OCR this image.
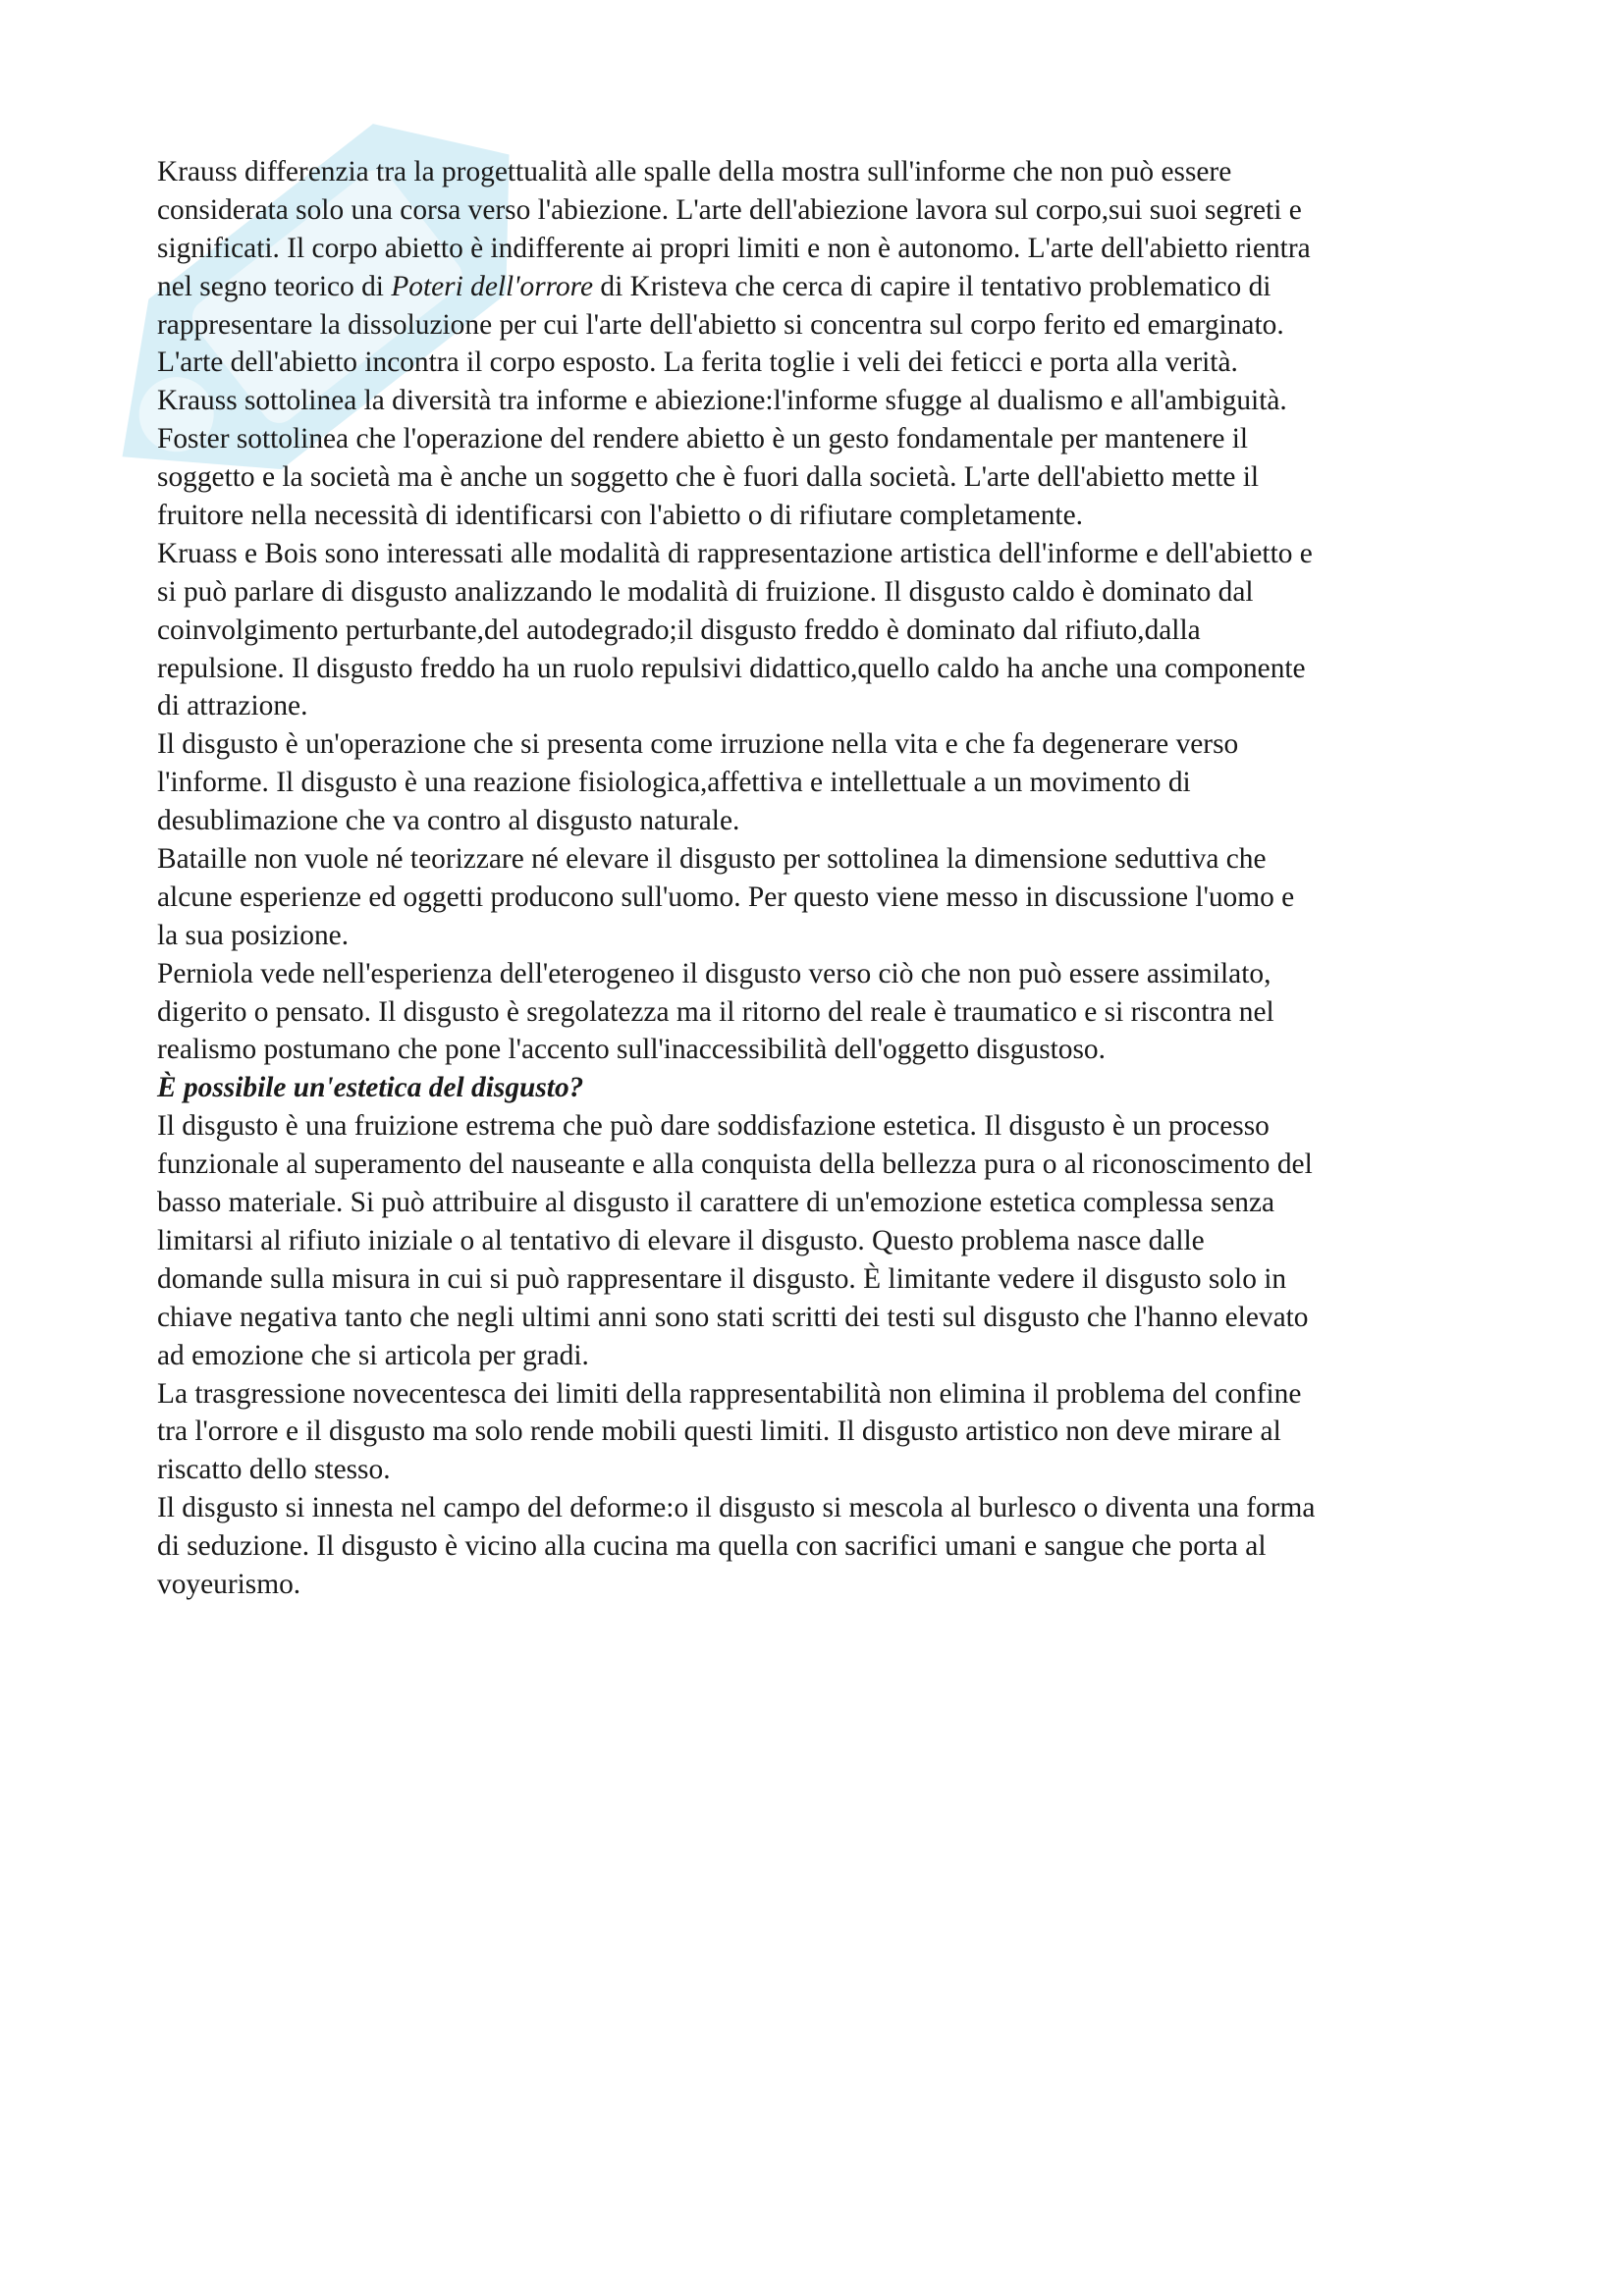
Krauss differenzia tra la progettualità alle spalle della mostra sull'informe che non può essere
considerata solo una corsa verso l'abiezione. L'arte dell'abiezione lavora sul corpo,sui suoi segreti e
significati. Il corpo abietto è indifferente ai propri limiti e non è autonomo. L'arte dell'abietto rientra
nel segno teorico di Poteri dell'orrore di Kristeva che cerca di capire il tentativo problematico di
rappresentare la dissoluzione per cui l'arte dell'abietto si concentra sul corpo ferito ed emarginato.
L'arte dell'abietto incontra il corpo esposto. La ferita toglie i veli dei feticci e porta alla verità.
Krauss sottolinea la diversità tra informe e abiezione:l'informe sfugge al dualismo e all'ambiguità.
Foster sottolinea che l'operazione del rendere abietto è un gesto fondamentale per mantenere il
soggetto e la società ma è anche un soggetto che è fuori dalla società. L'arte dell'abietto mette il
fruitore nella necessità di identificarsi con l'abietto o di rifiutare completamente.
Kruass e Bois sono interessati alle modalità di rappresentazione artistica dell'informe e dell'abietto e
si può parlare di disgusto analizzando le modalità di fruizione. Il disgusto caldo è dominato dal
coinvolgimento perturbante,del autodegrado;il disgusto freddo è dominato dal rifiuto,dalla
repulsione. Il disgusto freddo ha un ruolo repulsivi didattico,quello caldo ha anche una componente
di attrazione.
Il disgusto è un'operazione che si presenta come irruzione nella vita e che fa degenerare verso
l'informe. Il disgusto è una reazione fisiologica,affettiva e intellettuale a un movimento di
desublimazione che va contro al disgusto naturale.
Bataille non vuole né teorizzare né elevare il disgusto per sottolinea la dimensione seduttiva che
alcune esperienze ed oggetti producono sull'uomo. Per questo viene messo in discussione l'uomo e
la sua posizione.
Perniola vede nell'esperienza dell'eterogeneo il disgusto verso ciò che non può essere assimilato,
digerito o pensato. Il disgusto è sregolatezza ma il ritorno del reale è traumatico e si riscontra nel
realismo postumano che pone l'accento sull'inaccessibilità dell'oggetto disgustoso.
È possibile un'estetica del disgusto?
Il disgusto è una fruizione estrema che può dare soddisfazione estetica. Il disgusto è un processo
funzionale al superamento del nauseante e alla conquista della bellezza pura o al riconoscimento del
basso materiale. Si può attribuire al disgusto il carattere di un'emozione estetica complessa senza
limitarsi al rifiuto iniziale o al tentativo di elevare il disgusto. Questo problema nasce dalle
domande sulla misura in cui si può rappresentare il disgusto. È limitante vedere il disgusto solo in
chiave negativa tanto che negli ultimi anni sono stati scritti dei testi sul disgusto che l'hanno elevato
ad emozione che si articola per gradi.
La trasgressione novecentesca dei limiti della rappresentabilità non elimina il problema del confine
tra l'orrore e il disgusto ma solo rende mobili questi limiti. Il disgusto artistico non deve mirare al
riscatto dello stesso.
Il disgusto si innesta nel campo del deforme:o il disgusto si mescola al burlesco o diventa una forma
di seduzione. Il disgusto è vicino alla cucina ma quella con sacrifici umani e sangue che porta al
voyeurismo.
